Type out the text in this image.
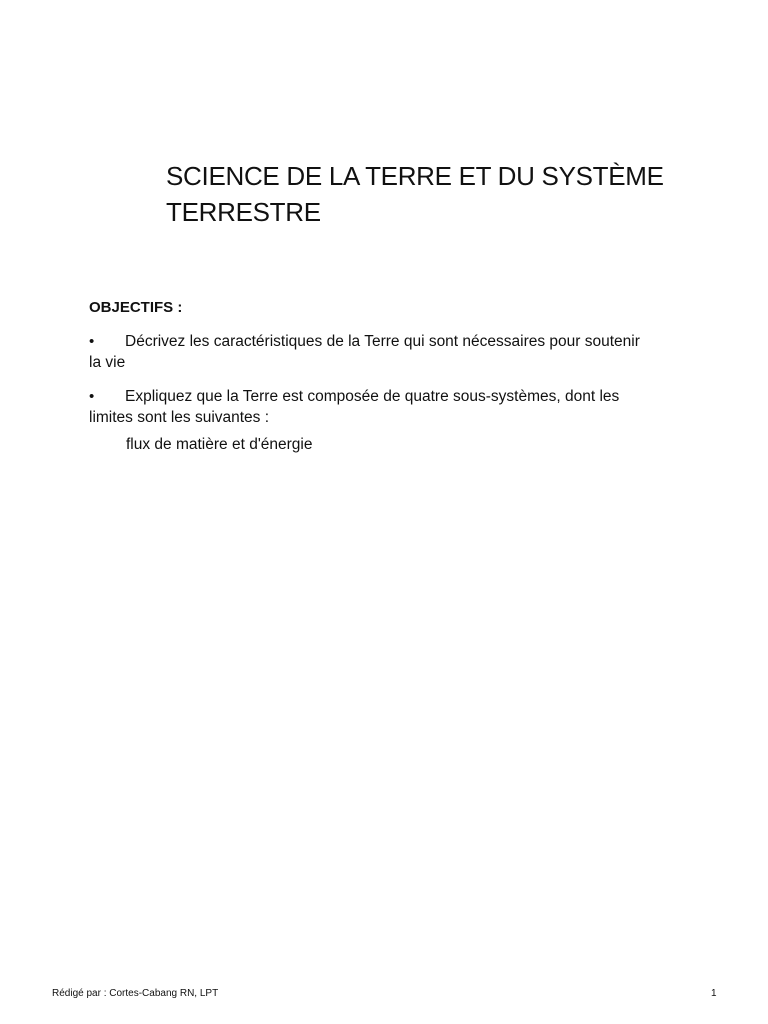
SCIENCE DE LA TERRE ET DU SYSTÈME TERRESTRE

OBJECTIFS :

• Décrivez les caractéristiques de la Terre qui sont nécessaires pour soutenir la vie

• Expliquez que la Terre est composée de quatre sous-systèmes, dont les limites sont les suivantes :

flux de matière et d'énergie

Rédigé par : Cortes-Cabang RN, LPT	1
